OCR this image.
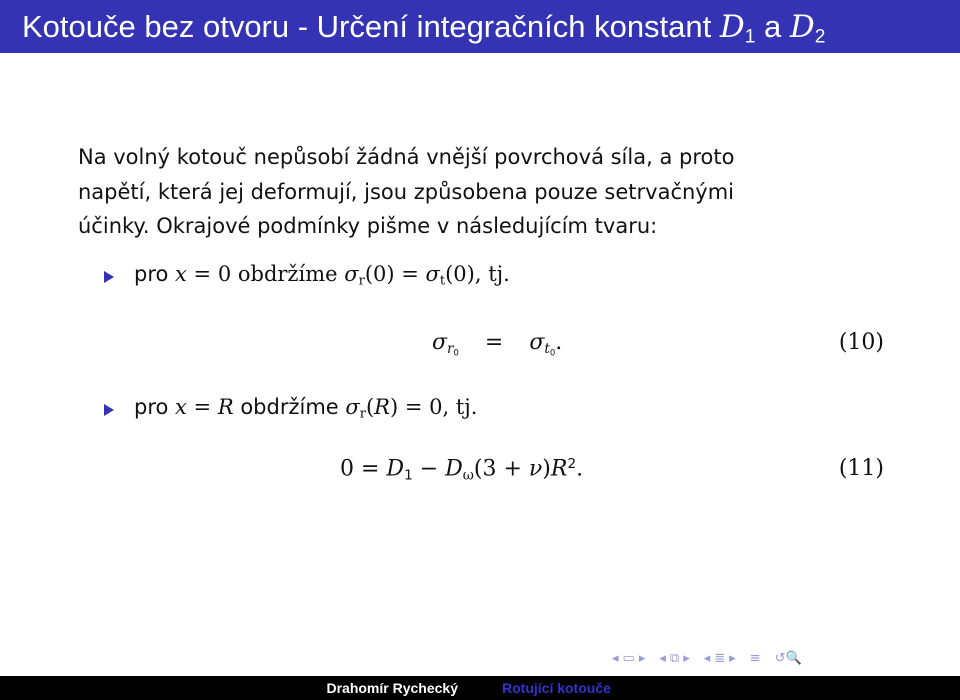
Kotouče bez otvoru - Určení integračních konstant $D_1$ a $D_2$
Na volný kotouč nepůsobí žádná vnější povrchová síla, a proto
napětí, která jej deformují, jsou způsobena pouze setrvačnými
účinky. Okrajové podmínky pišme v následujícím tvaru:
pro x = 0 obdržíme $\sigma_r(0) = \sigma_t(0)$, tj.
$\sigma_{r_0} = \sigma_{t_0}$.	(10)
pro x = R obdržíme $\sigma_r(R) = 0$, tj.
$0 = D_1 - D_\omega(3 + \nu)R^2$.	(11)
◂ ▭ ▸ ◂ ⧉ ▸ ◂ ≣ ▸ ≡ ↺🔍
Drahomír Rychecký	Rotující kotouče
